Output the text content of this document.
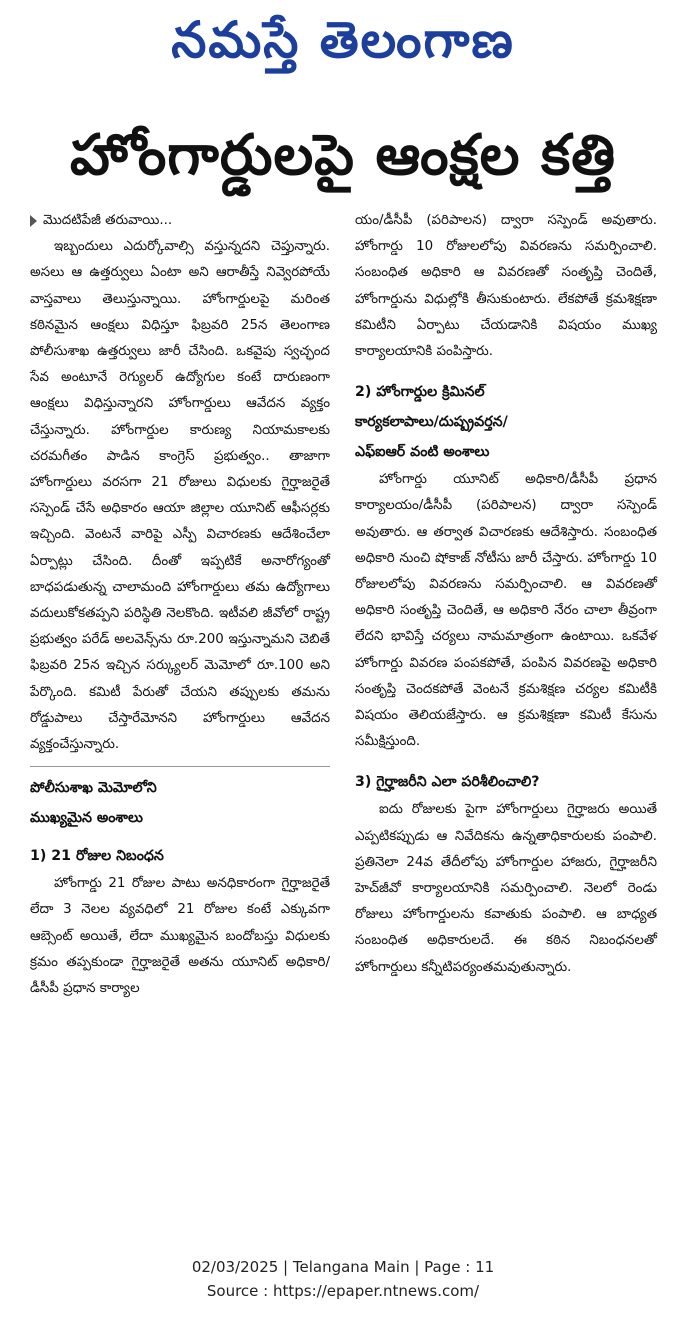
నమస్తే తెలంగాణ
హోంగార్డులపై ఆంక్షల కత్తి
మొదటిపేజీ తరువాయి...

ఇబ్బందులు ఎదుర్కోవాల్సి వస్తున్నదని చెప్తున్నారు. అసలు ఆ ఉత్తర్వులు ఏంటా అని ఆరాతీస్తే నివ్వెరపోయే వాస్తవాలు తెలుస్తున్నాయి. హోంగార్డులపై మరింత కఠినమైన ఆంక్షలు విధిస్తూ ఫిబ్రవరి 25న తెలంగాణ పోలీసుశాఖ ఉత్తర్వులు జారీ చేసింది. ఒకవైపు స్వచ్ఛంద సేవ అంటూనే రెగ్యులర్ ఉద్యోగుల కంటే దారుణంగా ఆంక్షలు విధిస్తున్నారని హోంగార్డులు ఆవేదన వ్యక్తం చేస్తున్నారు. హోంగార్డుల కారుణ్య నియామకాలకు చరమగీతం పాడిన కాంగ్రెస్ ప్రభుత్వం.. తాజాగా హోంగార్డులు వరసగా 21 రోజులు విధులకు గైర్హాజరైతే సస్పెండ్ చేసే అధికారం ఆయా జిల్లాల యూనిట్ ఆఫీసర్లకు ఇచ్చింది. వెంటనే వారిపై ఎస్పీ విచారణకు ఆదేశించేలా ఏర్పాట్లు చేసింది. దీంతో ఇప్పటికే అనారోగ్యంతో బాధపడుతున్న చాలామంది హోంగార్డులు తమ ఉద్యోగాలు వదులుకోకతప్పని పరిస్థితి నెలకొంది. ఇటీవలి జీవోలో రాష్ట్ర ప్రభుత్వం పరేడ్ అలవెన్స్‌ను రూ.200 ఇస్తున్నామని చెబితే ఫిబ్రవరి 25న ఇచ్చిన సర్క్యులర్ మెమోలో రూ.100 అని పేర్కొంది. కమిటీ పేరుతో చేయని తప్పులకు తమను రోడ్డుపాలు చేస్తారేమోనని హోంగార్డులు ఆవేదన వ్యక్తంచేస్తున్నారు.

పోలీసుశాఖ మెమోలోని

ముఖ్యమైన అంశాలు

1) 21 రోజుల నిబంధన

హోంగార్డు 21 రోజుల పాటు అనధికారంగా గైర్హాజరైతే లేదా 3 నెలల వ్యవధిలో 21 రోజుల కంటే ఎక్కువగా ఆబ్సెంట్ అయితే, లేదా ముఖ్యమైన బందోబస్తు విధులకు క్రమం తప్పకుండా గైర్హాజరైతే అతను యూనిట్ అధికారి/డీసీపీ ప్రధాన కార్యాల

యం/డీసీపీ (పరిపాలన) ద్వారా సస్పెండ్ అవుతారు. హోంగార్డు 10 రోజులలోపు వివరణను సమర్పించాలి. సంబంధిత అధికారి ఆ వివరణతో సంతృప్తి చెందితే, హోంగార్డును విధుల్లోకి తీసుకుంటారు. లేకపోతే క్రమశిక్షణా కమిటీని ఏర్పాటు చేయడానికి విషయం ముఖ్య కార్యాలయానికి పంపిస్తారు.

2) హోంగార్డుల క్రిమినల్

కార్యకలాపాలు/దుష్ప్రవర్తన/

ఎఫ్ఐఆర్ వంటి అంశాలు

హోంగార్డు యూనిట్ అధికారి/డీసీపీ ప్రధాన కార్యాలయం/డీసీపీ (పరిపాలన) ద్వారా సస్పెండ్ అవుతారు. ఆ తర్వాత విచారణకు ఆదేశిస్తారు. సంబంధిత అధికారి నుంచి షోకాజ్ నోటీసు జారీ చేస్తారు. హోంగార్డు 10 రోజులలోపు వివరణను సమర్పించాలి. ఆ వివరణతో అధికారి సంతృప్తి చెందితే, ఆ అధికారి నేరం చాలా తీవ్రంగా లేదని భావిస్తే చర్యలు నామమాత్రంగా ఉంటాయి. ఒకవేళ హోంగార్డు వివరణ పంపకపోతే, పంపిన వివరణపై అధికారి సంతృప్తి చెందకపోతే వెంటనే క్రమశిక్షణ చర్యల కమిటీకి విషయం తెలియజేస్తారు. ఆ క్రమశిక్షణా కమిటీ కేసును సమీక్షిస్తుంది.

3) గైర్హాజరీని ఎలా పరిశీలించాలి?

ఐదు రోజులకు పైగా హోంగార్డులు గైర్హాజరు అయితే ఎప్పటికప్పుడు ఆ నివేదికను ఉన్నతాధికారులకు పంపాలి. ప్రతినెలా 24వ తేదీలోపు హోంగార్డుల హాజరు, గైర్హాజరీని హెచ్‌జీవో కార్యాలయానికి సమర్పించాలి. నెలలో రెండు రోజులు హోంగార్డులను కవాతుకు పంపాలి. ఆ బాధ్యత సంబంధిత అధికారులదే. ఈ కఠిన నిబంధనలతో హోంగార్డులు కన్నీటిపర్యంతమవుతున్నారు.

02/03/2025 | Telangana Main | Page : 11
Source : https://epaper.ntnews.com/
